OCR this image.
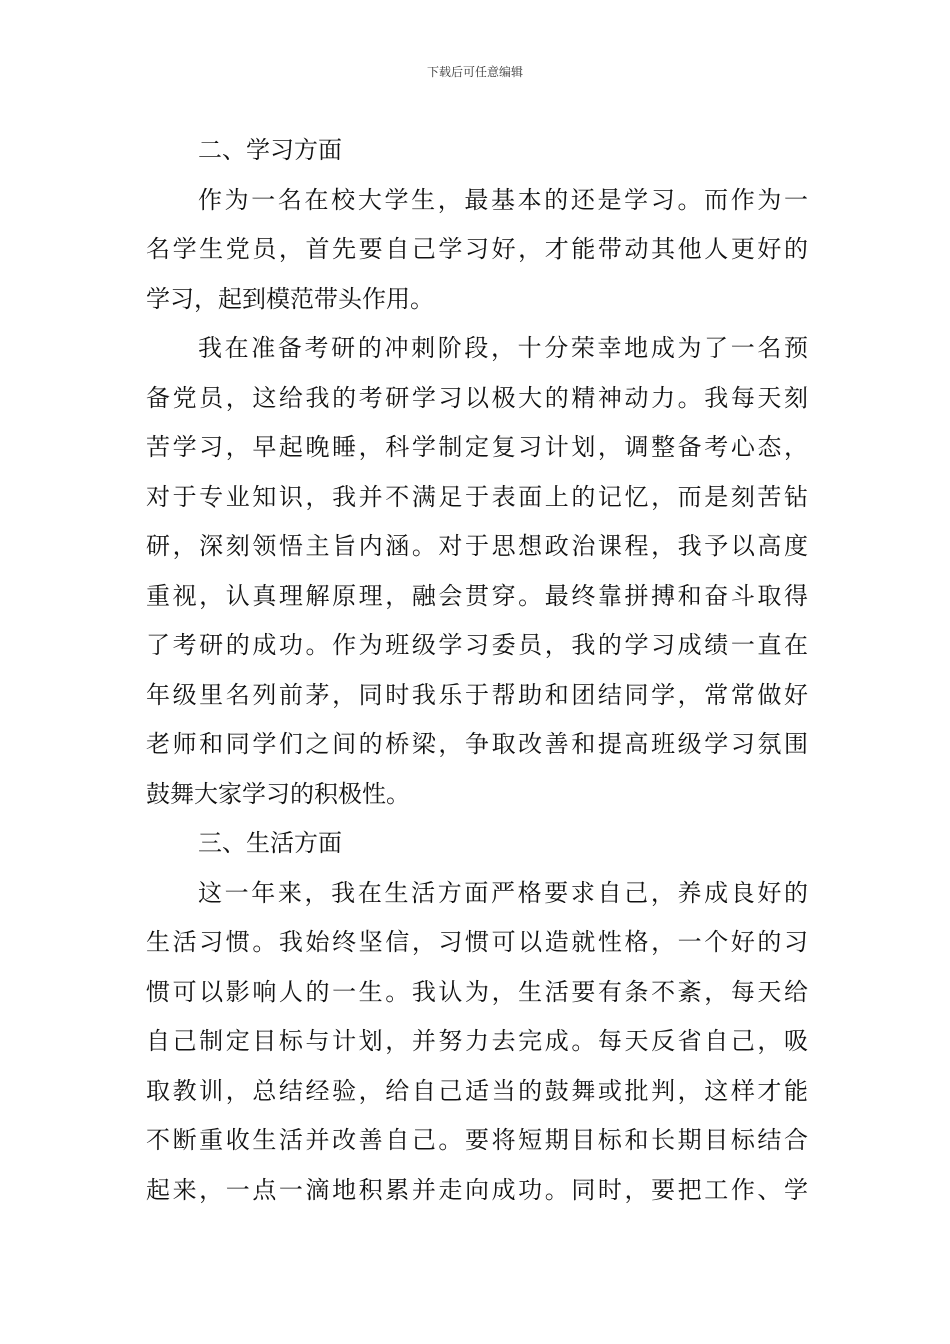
下载后可任意编辑
二、学习方面
作为一名在校大学生，最基本的还是学习。而作为一
名学生党员，首先要自己学习好，才能带动其他人更好的
学习，起到模范带头作用。
我在准备考研的冲刺阶段，十分荣幸地成为了一名预
备党员，这给我的考研学习以极大的精神动力。我每天刻
苦学习，早起晚睡，科学制定复习计划，调整备考心态，
对于专业知识，我并不满足于表面上的记忆，而是刻苦钻
研，深刻领悟主旨内涵。对于思想政治课程，我予以高度
重视，认真理解原理，融会贯穿。最终靠拼搏和奋斗取得
了考研的成功。作为班级学习委员，我的学习成绩一直在
年级里名列前茅，同时我乐于帮助和团结同学，常常做好
老师和同学们之间的桥梁，争取改善和提高班级学习氛围
鼓舞大家学习的积极性。
三、生活方面
这一年来，我在生活方面严格要求自己，养成良好的
生活习惯。我始终坚信，习惯可以造就性格，一个好的习
惯可以影响人的一生。我认为，生活要有条不紊，每天给
自己制定目标与计划，并努力去完成。每天反省自己，吸
取教训，总结经验，给自己适当的鼓舞或批判，这样才能
不断重收生活并改善自己。要将短期目标和长期目标结合
起来，一点一滴地积累并走向成功。同时，要把工作、学
